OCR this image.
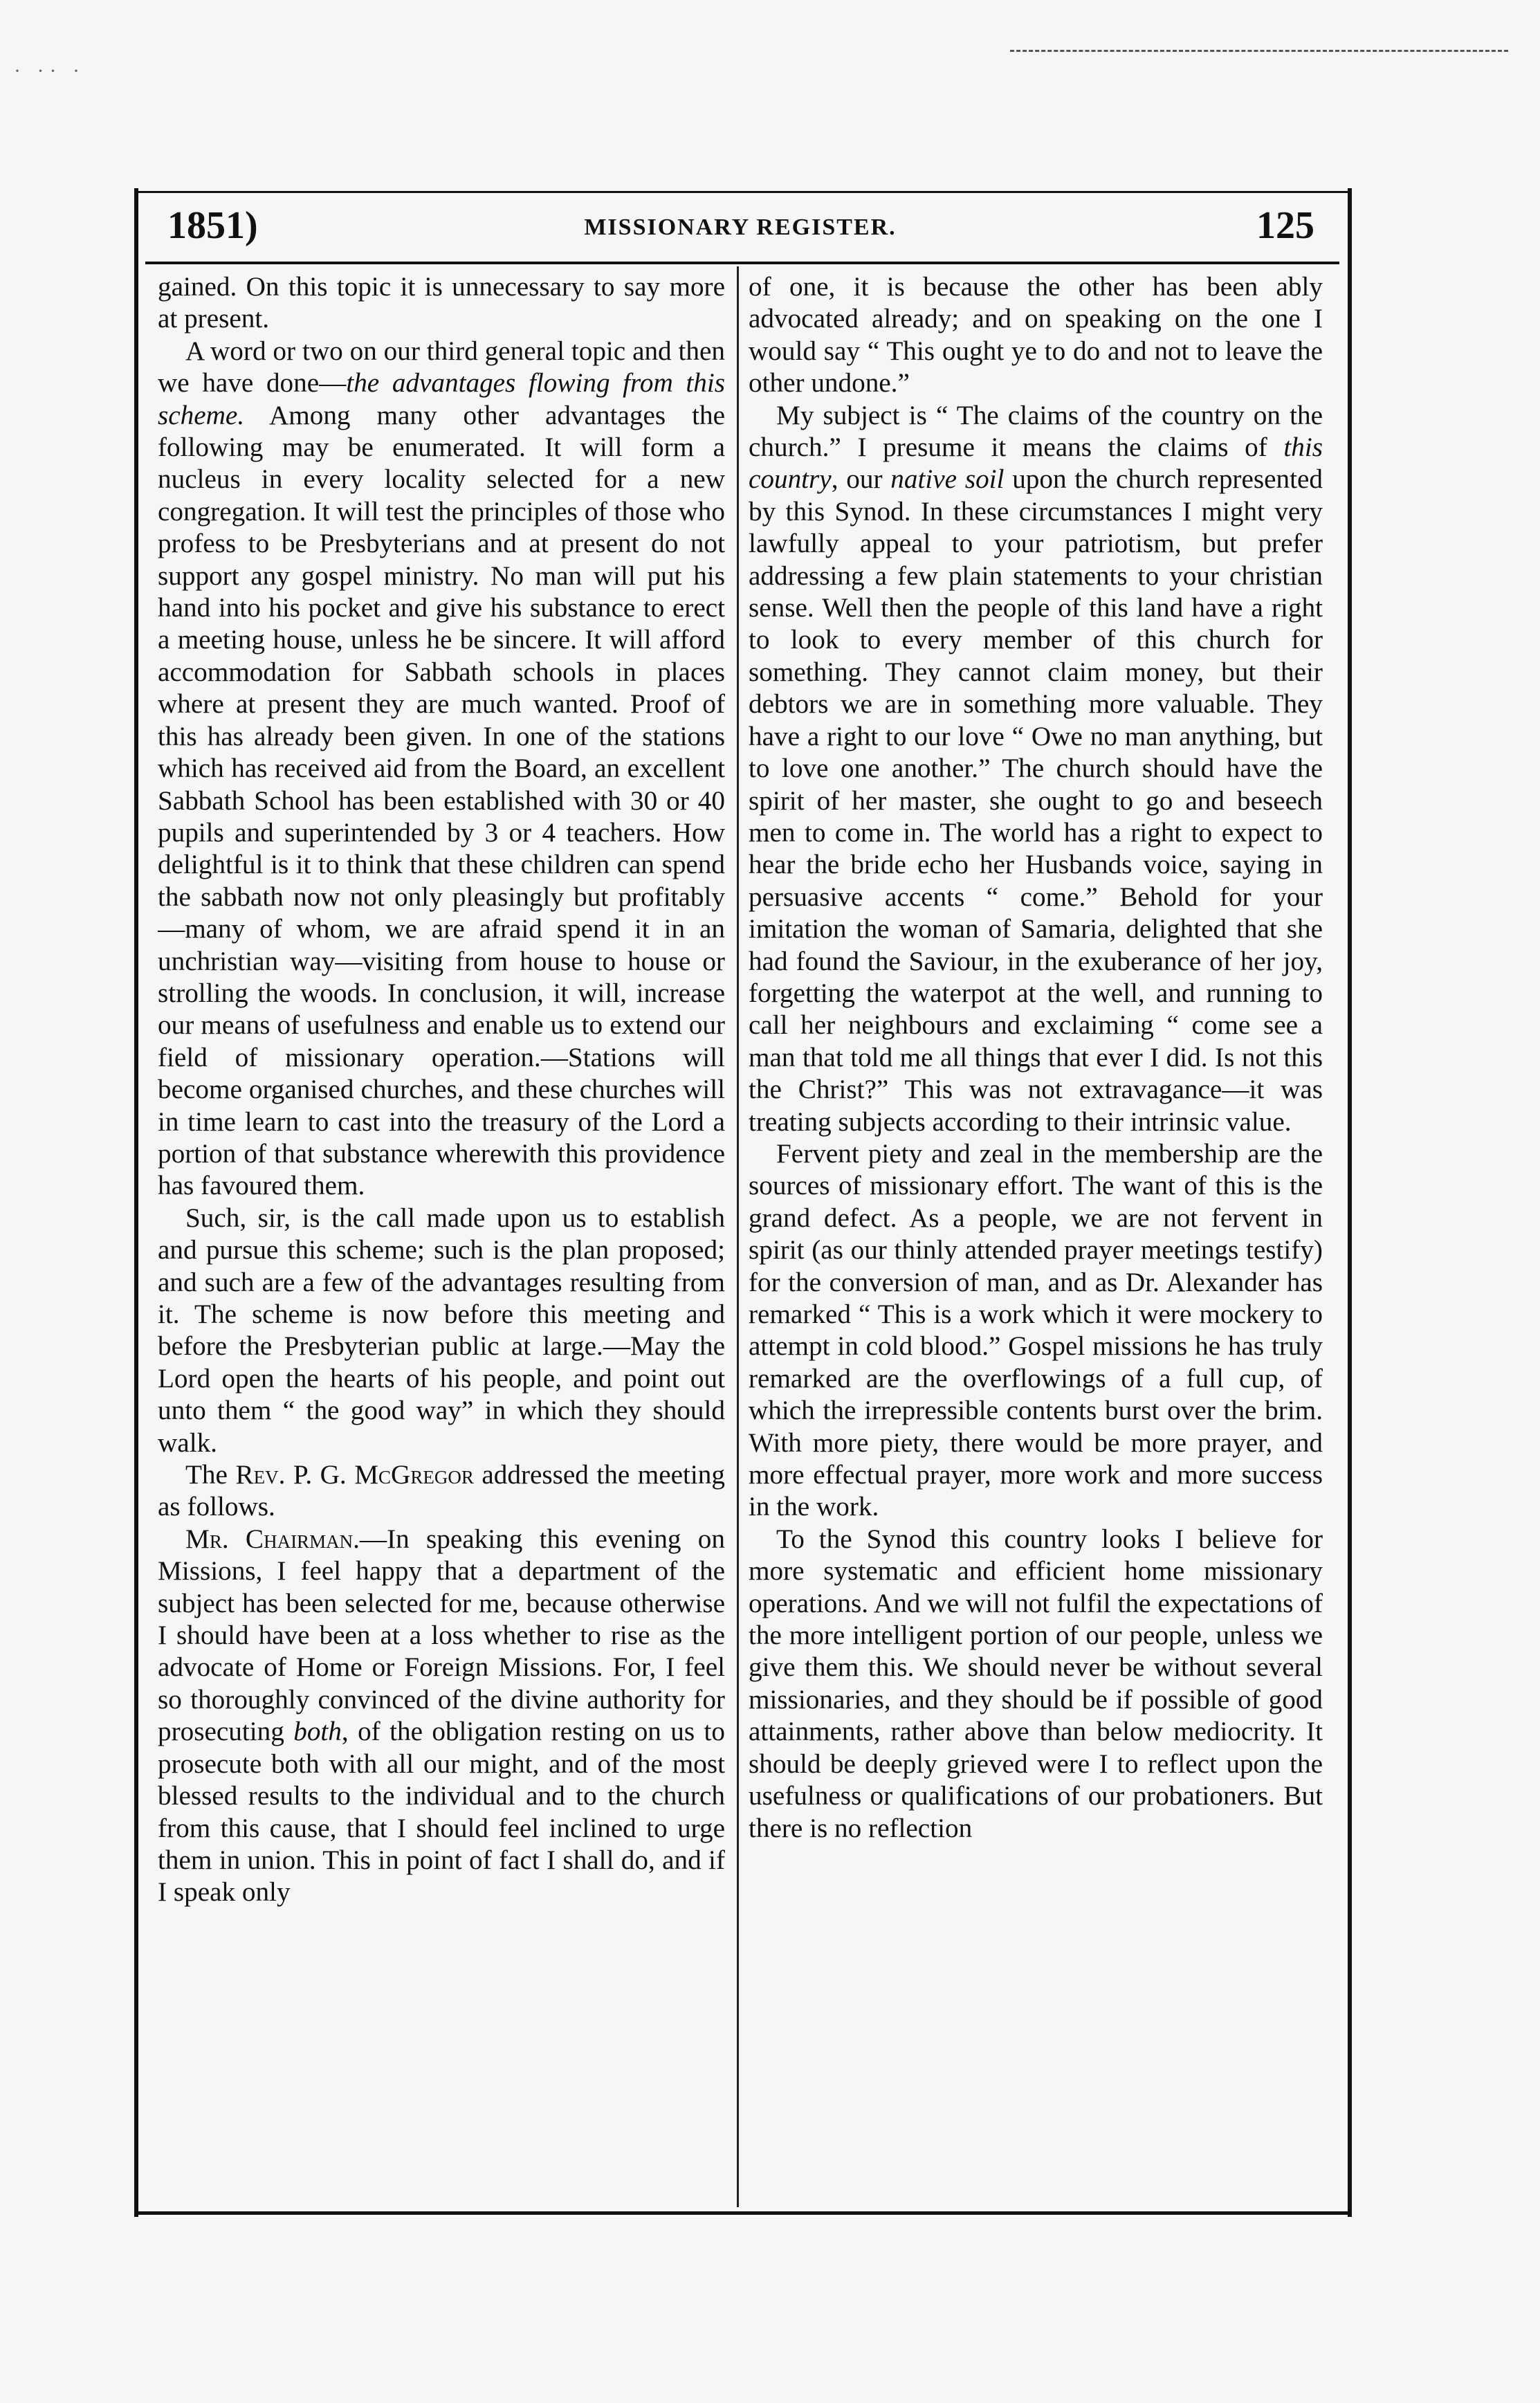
· ·· ·
1851)	MISSIONARY REGISTER.	125

gained. On this topic it is unnecessary to say more at present.

A word or two on our third general topic and then we have done—the advantages flowing from this scheme. Among many other advantages the following may be enumerated. It will form a nucleus in every locality selected for a new congregation. It will test the principles of those who profess to be Presbyterians and at present do not support any gospel ministry. No man will put his hand into his pocket and give his substance to erect a meeting house, unless he be sincere. It will afford accommodation for Sabbath schools in places where at present they are much wanted. Proof of this has already been given. In one of the stations which has received aid from the Board, an excellent Sabbath School has been established with 30 or 40 pupils and superintended by 3 or 4 teachers. How delightful is it to think that these children can spend the sabbath now not only pleasingly but profitably—many of whom, we are afraid spend it in an unchristian way—visiting from house to house or strolling the woods. In conclusion, it will, increase our means of usefulness and enable us to extend our field of missionary operation.—Stations will become organised churches, and these churches will in time learn to cast into the treasury of the Lord a portion of that substance wherewith this providence has favoured them.

Such, sir, is the call made upon us to establish and pursue this scheme; such is the plan proposed; and such are a few of the advantages resulting from it. The scheme is now before this meeting and before the Presbyterian public at large.—May the Lord open the hearts of his people, and point out unto them “ the good way” in which they should walk.

The Rev. P. G. McGregor addressed the meeting as follows.

Mr. Chairman.—In speaking this evening on Missions, I feel happy that a department of the subject has been selected for me, because otherwise I should have been at a loss whether to rise as the advocate of Home or Foreign Missions. For, I feel so thoroughly convinced of the divine authority for prosecuting both, of the obligation resting on us to prosecute both with all our might, and of the most blessed results to the individual and to the church from this cause, that I should feel inclined to urge them in union. This in point of fact I shall do, and if I speak only

of one, it is because the other has been ably advocated already; and on speaking on the one I would say “ This ought ye to do and not to leave the other undone.”

My subject is “ The claims of the country on the church.” I presume it means the claims of this country, our native soil upon the church represented by this Synod. In these circumstances I might very lawfully appeal to your patriotism, but prefer addressing a few plain statements to your christian sense. Well then the people of this land have a right to look to every member of this church for something. They cannot claim money, but their debtors we are in something more valuable. They have a right to our love “ Owe no man anything, but to love one another.” The church should have the spirit of her master, she ought to go and beseech men to come in. The world has a right to expect to hear the bride echo her Husbands voice, saying in persuasive accents “ come.” Behold for your imitation the woman of Samaria, delighted that she had found the Saviour, in the exuberance of her joy, forgetting the waterpot at the well, and running to call her neighbours and exclaiming “ come see a man that told me all things that ever I did. Is not this the Christ?” This was not extravagance—it was treating subjects according to their intrinsic value.

Fervent piety and zeal in the membership are the sources of missionary effort. The want of this is the grand defect. As a people, we are not fervent in spirit (as our thinly attended prayer meetings testify) for the conversion of man, and as Dr. Alexander has remarked “ This is a work which it were mockery to attempt in cold blood.” Gospel missions he has truly remarked are the overflowings of a full cup, of which the irrepressible contents burst over the brim. With more piety, there would be more prayer, and more effectual prayer, more work and more success in the work.

To the Synod this country looks I believe for more systematic and efficient home missionary operations. And we will not fulfil the expectations of the more intelligent portion of our people, unless we give them this. We should never be without several missionaries, and they should be if possible of good attainments, rather above than below mediocrity. It should be deeply grieved were I to reflect upon the usefulness or qualifications of our probationers. But there is no reflection
